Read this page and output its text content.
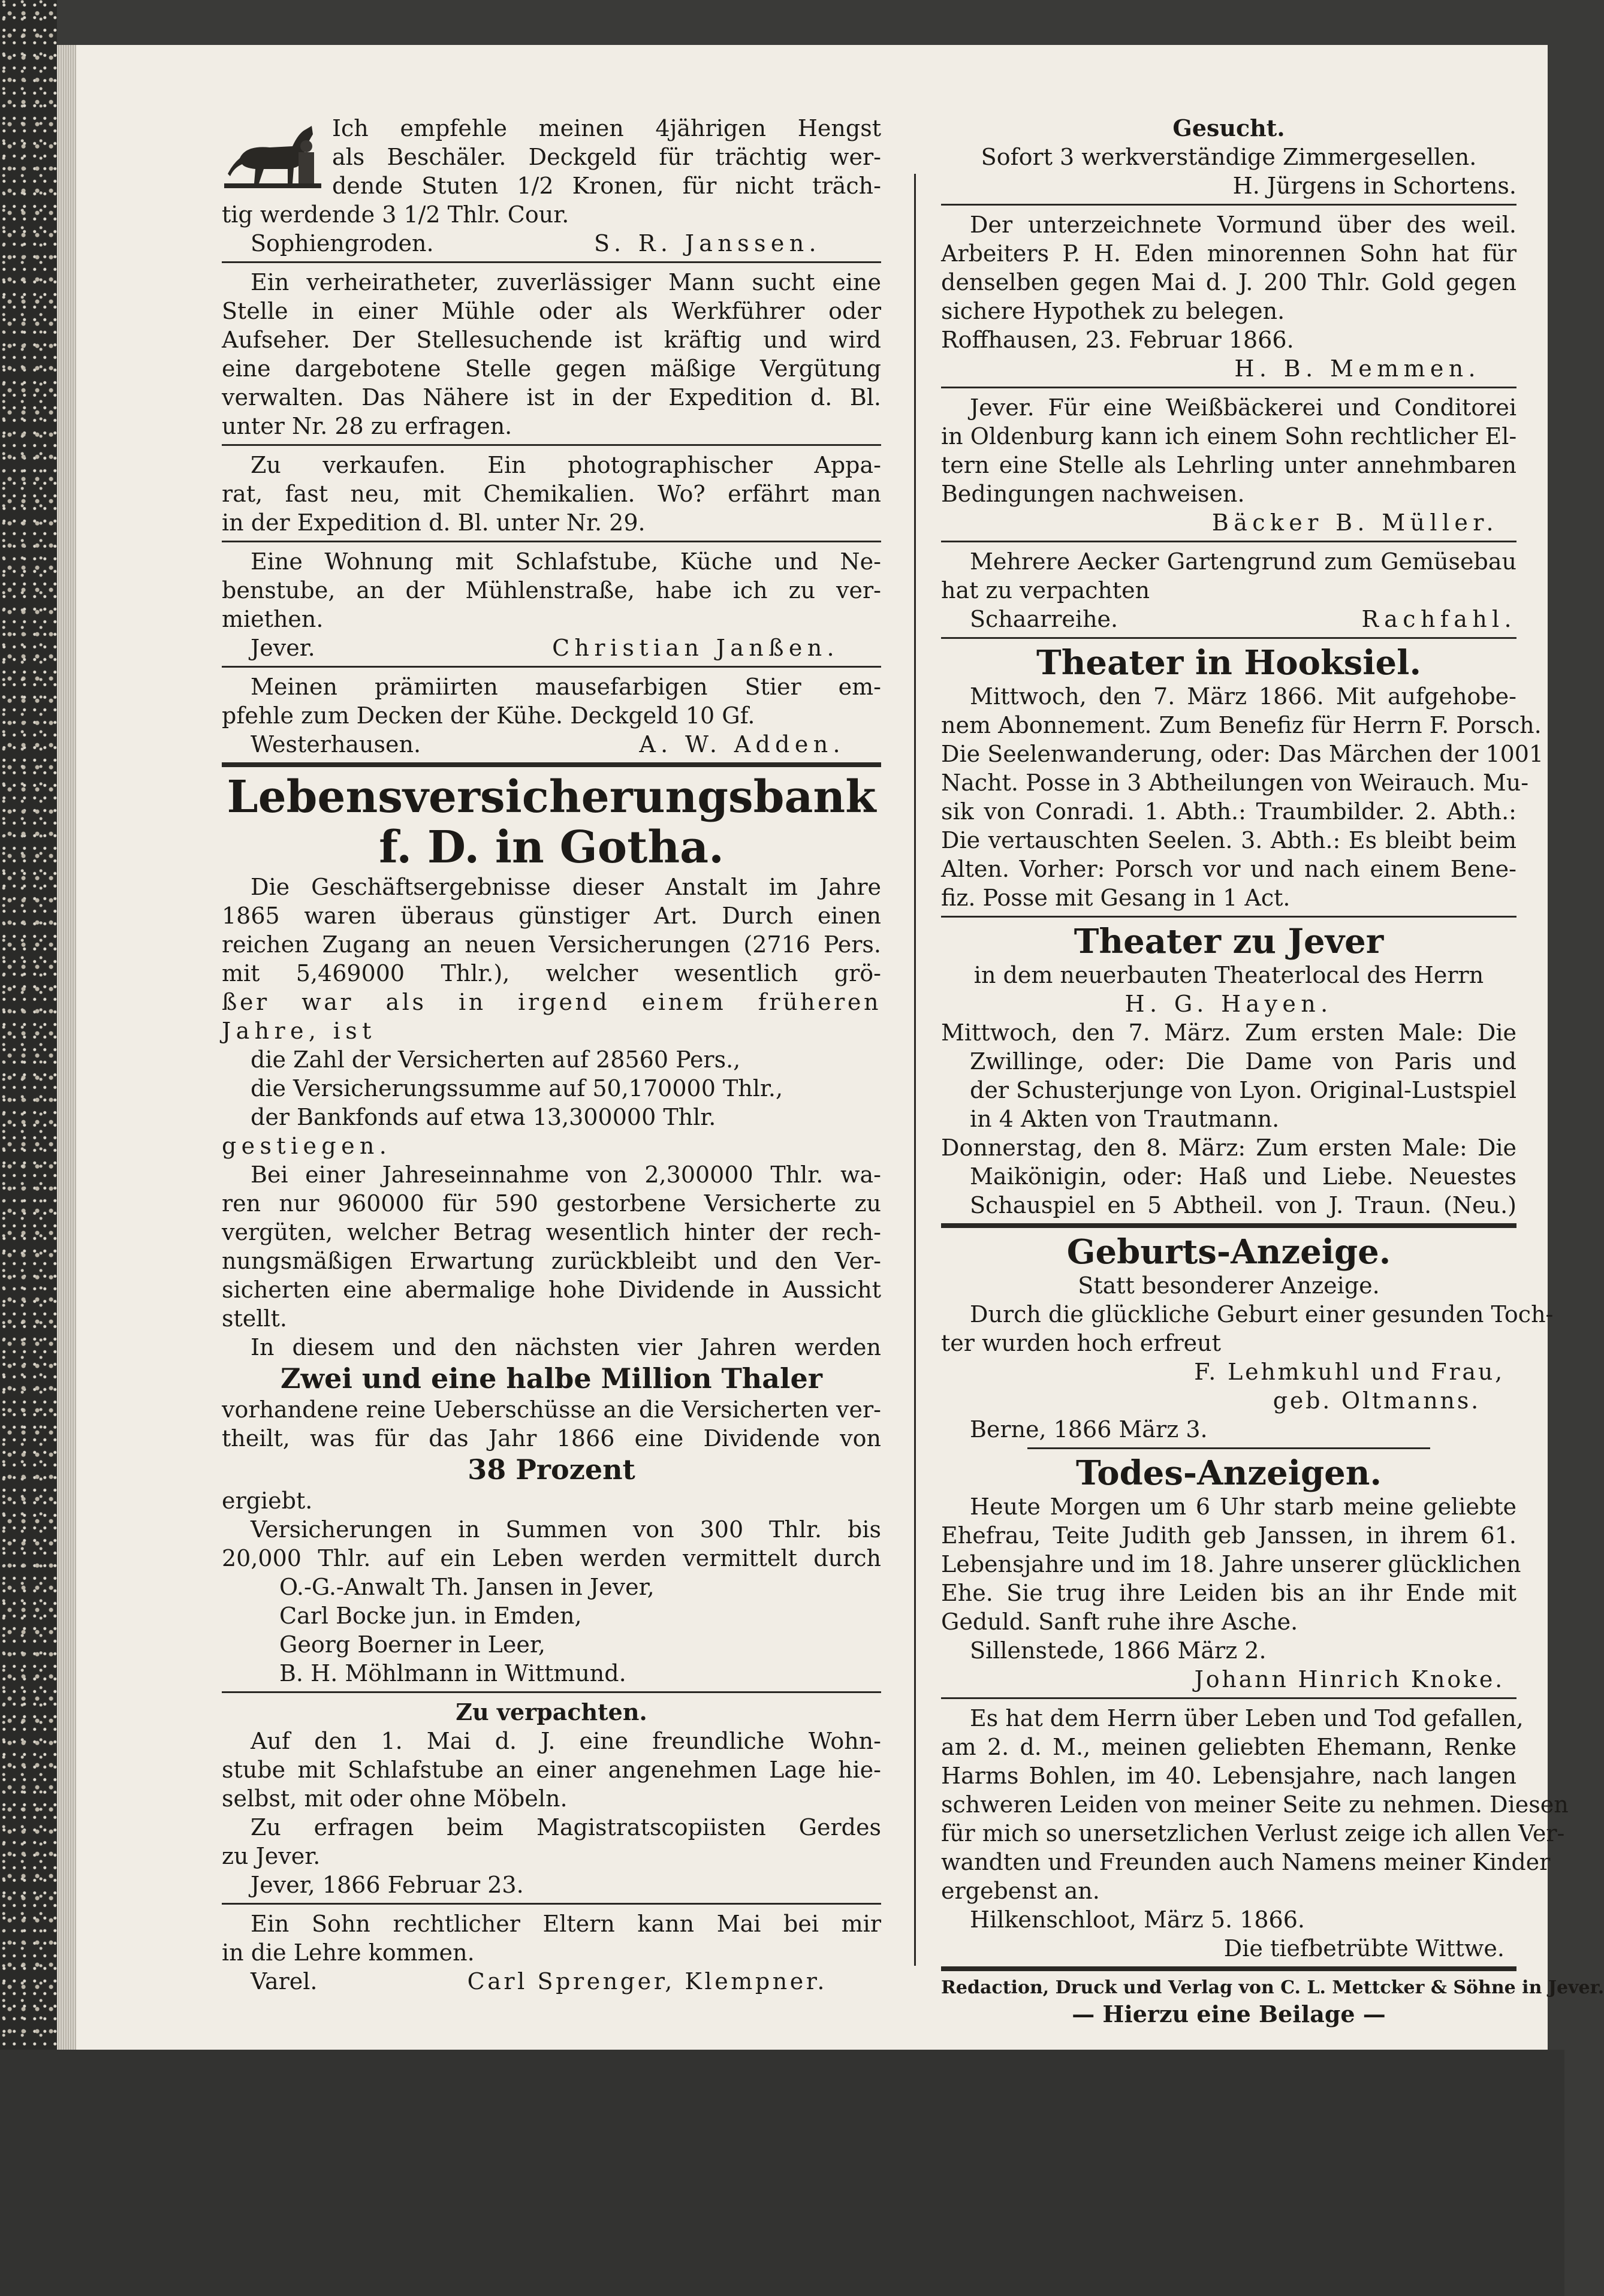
Ich empfehle meinen 4jährigen Hengst
als Beschäler. Deckgeld für trächtig wer-
dende Stuten 1/2 Kronen, für nicht träch-
tig werdende 3 1/2 Thlr. Cour.
Sophiengroden.	S. R. Janssen.
Ein verheiratheter, zuverlässiger Mann sucht eine
Stelle in einer Mühle oder als Werkführer oder
Aufseher. Der Stellesuchende ist kräftig und wird
eine dargebotene Stelle gegen mäßige Vergütung
verwalten. Das Nähere ist in der Expedition d. Bl.
unter Nr. 28 zu erfragen.
Zu verkaufen. Ein photographischer Appa-
rat, fast neu, mit Chemikalien. Wo? erfährt man
in der Expedition d. Bl. unter Nr. 29.
Eine Wohnung mit Schlafstube, Küche und Ne-
benstube, an der Mühlenstraße, habe ich zu ver-
miethen.
Jever.	Christian Janßen.
Meinen prämiirten mausefarbigen Stier em-
pfehle zum Decken der Kühe. Deckgeld 10 Gf.
Westerhausen.	A. W. Adden.
Lebensversicherungsbank
f. D. in Gotha.
Die Geschäftsergebnisse dieser Anstalt im Jahre
1865 waren überaus günstiger Art. Durch einen
reichen Zugang an neuen Versicherungen (2716 Pers.
mit 5,469000 Thlr.), welcher wesentlich grö-
ßer war als in irgend einem früheren
Jahre, ist
die Zahl der Versicherten auf 28560 Pers.,
die Versicherungssumme auf 50,170000 Thlr.,
der Bankfonds auf etwa 13,300000 Thlr.
gestiegen.
Bei einer Jahreseinnahme von 2,300000 Thlr. wa-
ren nur 960000 für 590 gestorbene Versicherte zu
vergüten, welcher Betrag wesentlich hinter der rech-
nungsmäßigen Erwartung zurückbleibt und den Ver-
sicherten eine abermalige hohe Dividende in Aussicht
stellt.
In diesem und den nächsten vier Jahren werden
Zwei und eine halbe Million Thaler
vorhandene reine Ueberschüsse an die Versicherten ver-
theilt, was für das Jahr 1866 eine Dividende von
38 Prozent
ergiebt.
Versicherungen in Summen von 300 Thlr. bis
20,000 Thlr. auf ein Leben werden vermittelt durch
O.-G.-Anwalt Th. Jansen in Jever,
Carl Bocke jun. in Emden,
Georg Boerner in Leer,
B. H. Möhlmann in Wittmund.
Zu verpachten.
Auf den 1. Mai d. J. eine freundliche Wohn-
stube mit Schlafstube an einer angenehmen Lage hie-
selbst, mit oder ohne Möbeln.
Zu erfragen beim Magistratscopiisten Gerdes
zu Jever.
Jever, 1866 Februar 23.
Ein Sohn rechtlicher Eltern kann Mai bei mir
in die Lehre kommen.
Varel.	Carl Sprenger, Klempner.
Gesucht.
Sofort 3 werkverständige Zimmergesellen.
H. Jürgens in Schortens.
Der unterzeichnete Vormund über des weil.
Arbeiters P. H. Eden minorennen Sohn hat für
denselben gegen Mai d. J. 200 Thlr. Gold gegen
sichere Hypothek zu belegen.
Roffhausen, 23. Februar 1866.
H. B. Memmen.
Jever. Für eine Weißbäckerei und Conditorei
in Oldenburg kann ich einem Sohn rechtlicher El-
tern eine Stelle als Lehrling unter annehmbaren
Bedingungen nachweisen.
Bäcker B. Müller.
Mehrere Aecker Gartengrund zum Gemüsebau
hat zu verpachten
Schaarreihe.	Rachfahl.
Theater in Hooksiel.
Mittwoch, den 7. März 1866. Mit aufgehobe-
nem Abonnement. Zum Benefiz für Herrn F. Porsch.
Die Seelenwanderung, oder: Das Märchen der 1001
Nacht. Posse in 3 Abtheilungen von Weirauch. Mu-
sik von Conradi. 1. Abth.: Traumbilder. 2. Abth.:
Die vertauschten Seelen. 3. Abth.: Es bleibt beim
Alten. Vorher: Porsch vor und nach einem Bene-
fiz. Posse mit Gesang in 1 Act.
Theater zu Jever
in dem neuerbauten Theaterlocal des Herrn
H. G. Hayen.
Mittwoch, den 7. März. Zum ersten Male: Die
Zwillinge, oder: Die Dame von Paris und
der Schusterjunge von Lyon. Original-Lustspiel
in 4 Akten von Trautmann.
Donnerstag, den 8. März: Zum ersten Male: Die
Maikönigin, oder: Haß und Liebe. Neuestes
Schauspiel en 5 Abtheil. von J. Traun. (Neu.)
Geburts-Anzeige.
Statt besonderer Anzeige.
Durch die glückliche Geburt einer gesunden Toch-
ter wurden hoch erfreut
F. Lehmkuhl und Frau,
geb. Oltmanns.
Berne, 1866 März 3.
Todes-Anzeigen.
Heute Morgen um 6 Uhr starb meine geliebte
Ehefrau, Teite Judith geb Janssen, in ihrem 61.
Lebensjahre und im 18. Jahre unserer glücklichen
Ehe. Sie trug ihre Leiden bis an ihr Ende mit
Geduld. Sanft ruhe ihre Asche.
Sillenstede, 1866 März 2.
Johann Hinrich Knoke.
Es hat dem Herrn über Leben und Tod gefallen,
am 2. d. M., meinen geliebten Ehemann, Renke
Harms Bohlen, im 40. Lebensjahre, nach langen
schweren Leiden von meiner Seite zu nehmen. Diesen
für mich so unersetzlichen Verlust zeige ich allen Ver-
wandten und Freunden auch Namens meiner Kinder
ergebenst an.
Hilkenschloot, März 5. 1866.
Die tiefbetrübte Wittwe.
Redaction, Druck und Verlag von C. L. Mettcker & Söhne in Jever.
— Hierzu eine Beilage —
